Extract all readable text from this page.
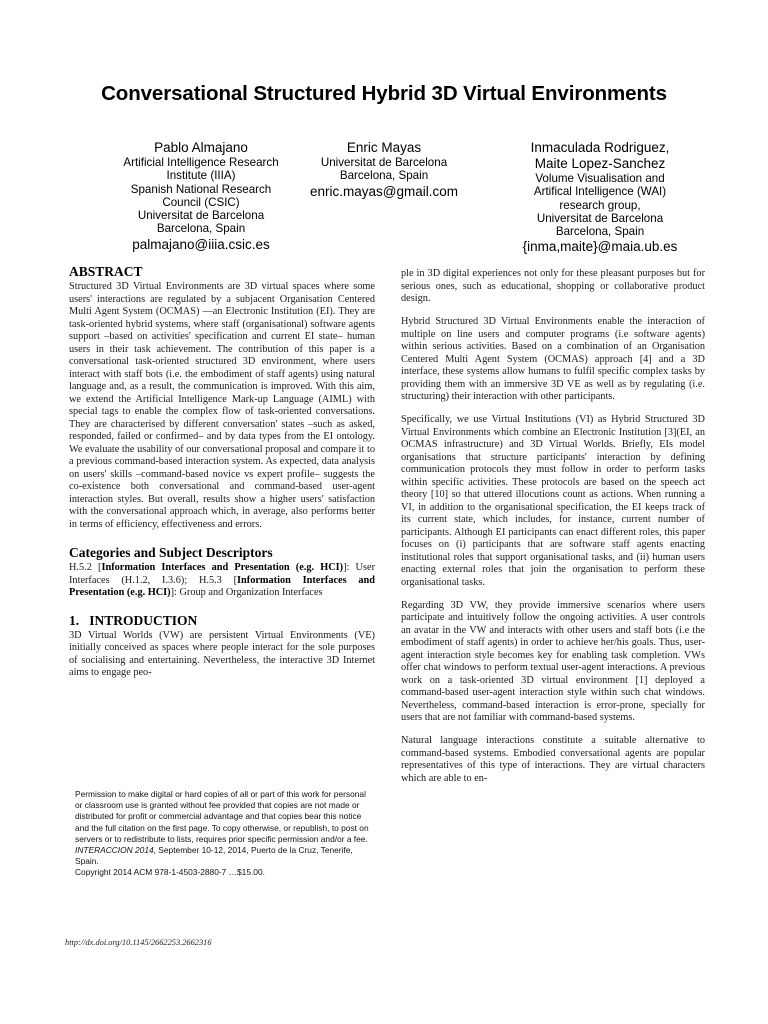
Conversational Structured Hybrid 3D Virtual Environments
Pablo Almajano
Artificial Intelligence Research
Institute (IIIA)
Spanish National Research
Council (CSIC)
Universitat de Barcelona
Barcelona, Spain
palmajano@iiia.csic.es
Enric Mayas
Universitat de Barcelona
Barcelona, Spain
enric.mayas@gmail.com
Inmaculada Rodriguez,
Maite Lopez-Sanchez
Volume Visualisation and
Artifical Intelligence (WAI)
research group,
Universitat de Barcelona
Barcelona, Spain
{inma,maite}@maia.ub.es
ABSTRACT

Structured 3D Virtual Environments are 3D virtual spaces where some users' interactions are regulated by a subjacent Organisation Centered Multi Agent System (OCMAS) —an Electronic Institution (EI). They are task-oriented hybrid systems, where staff (organisational) software agents support –based on activities' specification and current EI state– human users in their task achievement. The contribution of this paper is a conversational task-oriented structured 3D environment, where users interact with staff bots (i.e. the embodiment of staff agents) using natural language and, as a result, the communication is improved. With this aim, we extend the Artificial Intelligence Mark-up Language (AIML) with special tags to enable the complex flow of task-oriented conversations. They are characterised by different conversation' states –such as asked, responded, failed or confirmed– and by data types from the EI ontology. We evaluate the usability of our conversational proposal and compare it to a previous command-based interaction system. As expected, data analysis on users' skills –command-based novice vs expert profile– suggests the co-existence both conversational and command-based user-agent interaction styles. But overall, results show a higher users' satisfaction with the conversational approach which, in average, also performs better in terms of efficiency, effectiveness and errors.

Categories and Subject Descriptors

H.5.2 [Information Interfaces and Presentation (e.g. HCI)]: User Interfaces (H.1.2, I.3.6); H.5.3 [Information Interfaces and Presentation (e.g. HCI)]: Group and Organization Interfaces

1.   INTRODUCTION

3D Virtual Worlds (VW) are persistent Virtual Environments (VE) initially conceived as spaces where people interact for the sole purposes of socialising and entertaining. Nevertheless, the interactive 3D Internet aims to engage peo-

ple in 3D digital experiences not only for these pleasant purposes but for serious ones, such as educational, shopping or collaborative product design.

Hybrid Structured 3D Virtual Environments enable the interaction of multiple on line users and computer programs (i.e software agents) within serious activities. Based on a combination of an Organisation Centered Multi Agent System (OCMAS) approach [4] and a 3D interface, these systems allow humans to fulfil specific complex tasks by providing them with an immersive 3D VE as well as by regulating (i.e. structuring) their interaction with other participants.

Specifically, we use Virtual Institutions (VI) as Hybrid Structured 3D Virtual Environments which combine an Electronic Institution [3](EI, an OCMAS infrastructure) and 3D Virtual Worlds. Briefly, EIs model organisations that structure participants' interaction by defining communication protocols they must follow in order to perform tasks within specific activities. These protocols are based on the speech act theory [10] so that uttered illocutions count as actions. When running a VI, in addition to the organisational specification, the EI keeps track of its current state, which includes, for instance, current number of participants. Although EI participants can enact different roles, this paper focuses on (i) participants that are software staff agents enacting institutional roles that support organisational tasks, and (ii) human users enacting external roles that join the organisation to perform these organisational tasks.

Regarding 3D VW, they provide immersive scenarios where users participate and intuitively follow the ongoing activities. A user controls an avatar in the VW and interacts with other users and staff bots (i.e the embodiment of staff agents) in order to achieve her/his goals. Thus, user-agent interaction style becomes key for enabling task completion. VWs offer chat windows to perform textual user-agent interactions. A previous work on a task-oriented 3D virtual environment [1] deployed a command-based user-agent interaction style within such chat windows. Nevertheless, command-based interaction is error-prone, specially for users that are not familiar with command-based systems.

Natural language interactions constitute a suitable alternative to command-based systems. Embodied conversational agents are popular representatives of this type of interactions. They are virtual characters which are able to en-

Permission to make digital or hard copies of all or part of this work for personal or classroom use is granted without fee provided that copies are not made or distributed for profit or commercial advantage and that copies bear this notice and the full citation on the first page. To copy otherwise, or republish, to post on servers or to redistribute to lists, requires prior specific permission and/or a fee.

INTERACCION 2014, September 10-12, 2014, Puerto de la Cruz, Tenerife, Spain.

Copyright 2014 ACM 978-1-4503-2880-7 …$15.00.

http://dx.doi.org/10.1145/2662253.2662316
